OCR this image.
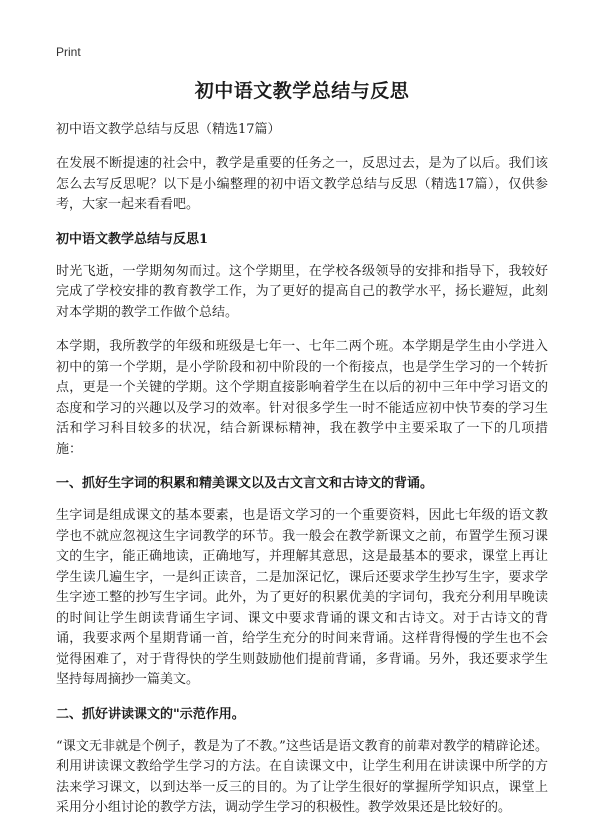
Print
初中语文教学总结与反思
初中语文教学总结与反思（精选17篇）

在发展不断提速的社会中，教学是重要的任务之一，反思过去，是为了以后。我们该怎么去写反思呢？以下是小编整理的初中语文教学总结与反思（精选17篇），仅供参考，大家一起来看看吧。

初中语文教学总结与反思1

时光飞逝，一学期匆匆而过。这个学期里，在学校各级领导的安排和指导下，我较好完成了学校安排的教育教学工作，为了更好的提高自己的教学水平，扬长避短，此刻对本学期的教学工作做个总结。

本学期，我所教学的年级和班级是七年一、七年二两个班。本学期是学生由小学进入初中的第一个学期，是小学阶段和初中阶段的一个衔接点，也是学生学习的一个转折点，更是一个关键的学期。这个学期直接影响着学生在以后的初中三年中学习语文的态度和学习的兴趣以及学习的效率。针对很多学生一时不能适应初中快节奏的学习生活和学习科目较多的状况，结合新课标精神，我在教学中主要采取了一下的几项措施：

一、抓好生字词的积累和精美课文以及古文言文和古诗文的背诵。

生字词是组成课文的基本要素，也是语文学习的一个重要资料，因此七年级的语文教学也不就应忽视这生字词教学的环节。我一般会在教学新课文之前，布置学生预习课文的生字，能正确地读，正确地写，并理解其意思，这是最基本的要求，课堂上再让学生读几遍生字，一是纠正读音，二是加深记忆，课后还要求学生抄写生字，要求学生字迹工整的抄写生字词。此外，为了更好的积累优美的字词句，我充分利用早晚读的时间让学生朗读背诵生字词、课文中要求背诵的课文和古诗文。对于古诗文的背诵，我要求两个星期背诵一首，给学生充分的时间来背诵。这样背得慢的学生也不会觉得困难了，对于背得快的学生则鼓励他们提前背诵，多背诵。另外，我还要求学生坚持每周摘抄一篇美文。

二、抓好讲读课文的"示范作用。

“课文无非就是个例子，教是为了不教。”这些话是语文教育的前辈对教学的精辟论述。利用讲读课文教给学生学习的方法。在自读课文中，让学生利用在讲读课中所学的方法来学习课文，以到达举一反三的目的。为了让学生很好的掌握所学知识点，课堂上采用分小组讨论的教学方法，调动学生学习的积极性。教学效果还是比较好的。
